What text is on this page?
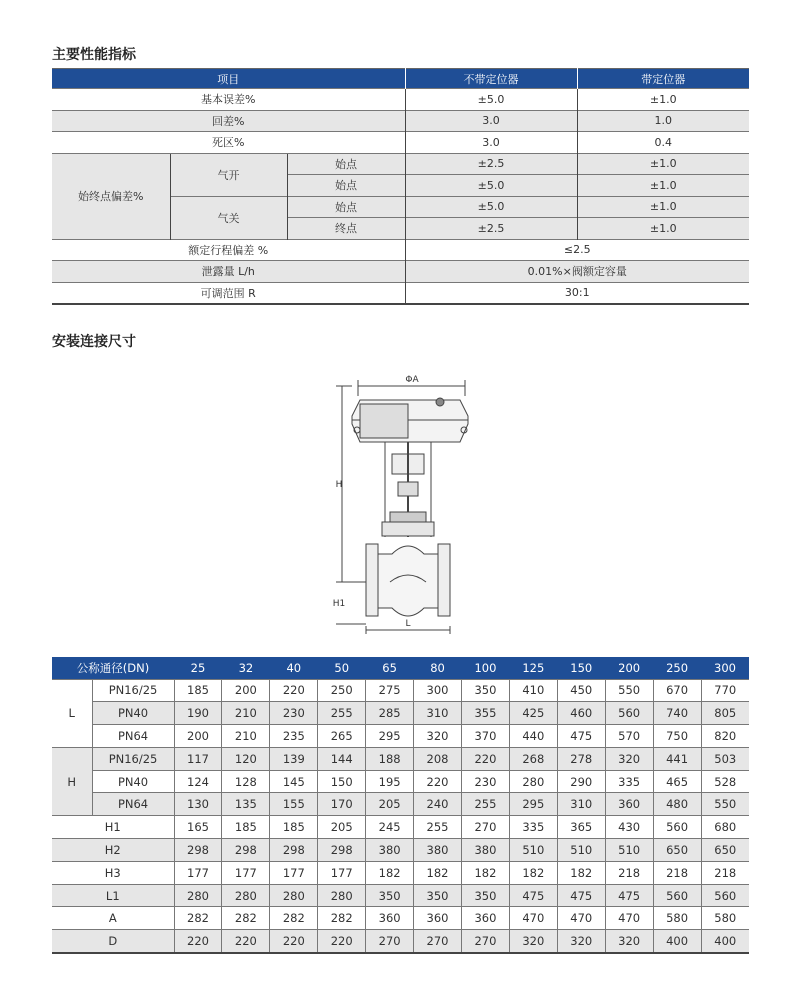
主要性能指标
项目			不带定位器	带定位器
基本误差%			±5.0	±1.0
回差%			3.0	1.0
死区%			3.0	0.4
始终点偏差%	气开	始点	±2.5	±1.0
		始点	±5.0	±1.0
	气关	始点	±5.0	±1.0
		终点	±2.5	±1.0
额定行程偏差 %			≤2.5	
泄露量 L/h			0.01%×阀额定容量	
可调范围 R			30:1	
安装连接尺寸
ΦA
H
H1
L
公称通径(DN)		25	32	40	50	65	80	100	125	150	200	250	300
L	PN16/25	185	200	220	250	275	300	350	410	450	550	670	770
	PN40	190	210	230	255	285	310	355	425	460	560	740	805
	PN64	200	210	235	265	295	320	370	440	475	570	750	820
H	PN16/25	117	120	139	144	188	208	220	268	278	320	441	503
	PN40	124	128	145	150	195	220	230	280	290	335	465	528
	PN64	130	135	155	170	205	240	255	295	310	360	480	550
H1		165	185	185	205	245	255	270	335	365	430	560	680
H2		298	298	298	298	380	380	380	510	510	510	650	650
H3		177	177	177	177	182	182	182	182	182	218	218	218
L1		280	280	280	280	350	350	350	475	475	475	560	560
A		282	282	282	282	360	360	360	470	470	470	580	580
D		220	220	220	220	270	270	270	320	320	320	400	400
